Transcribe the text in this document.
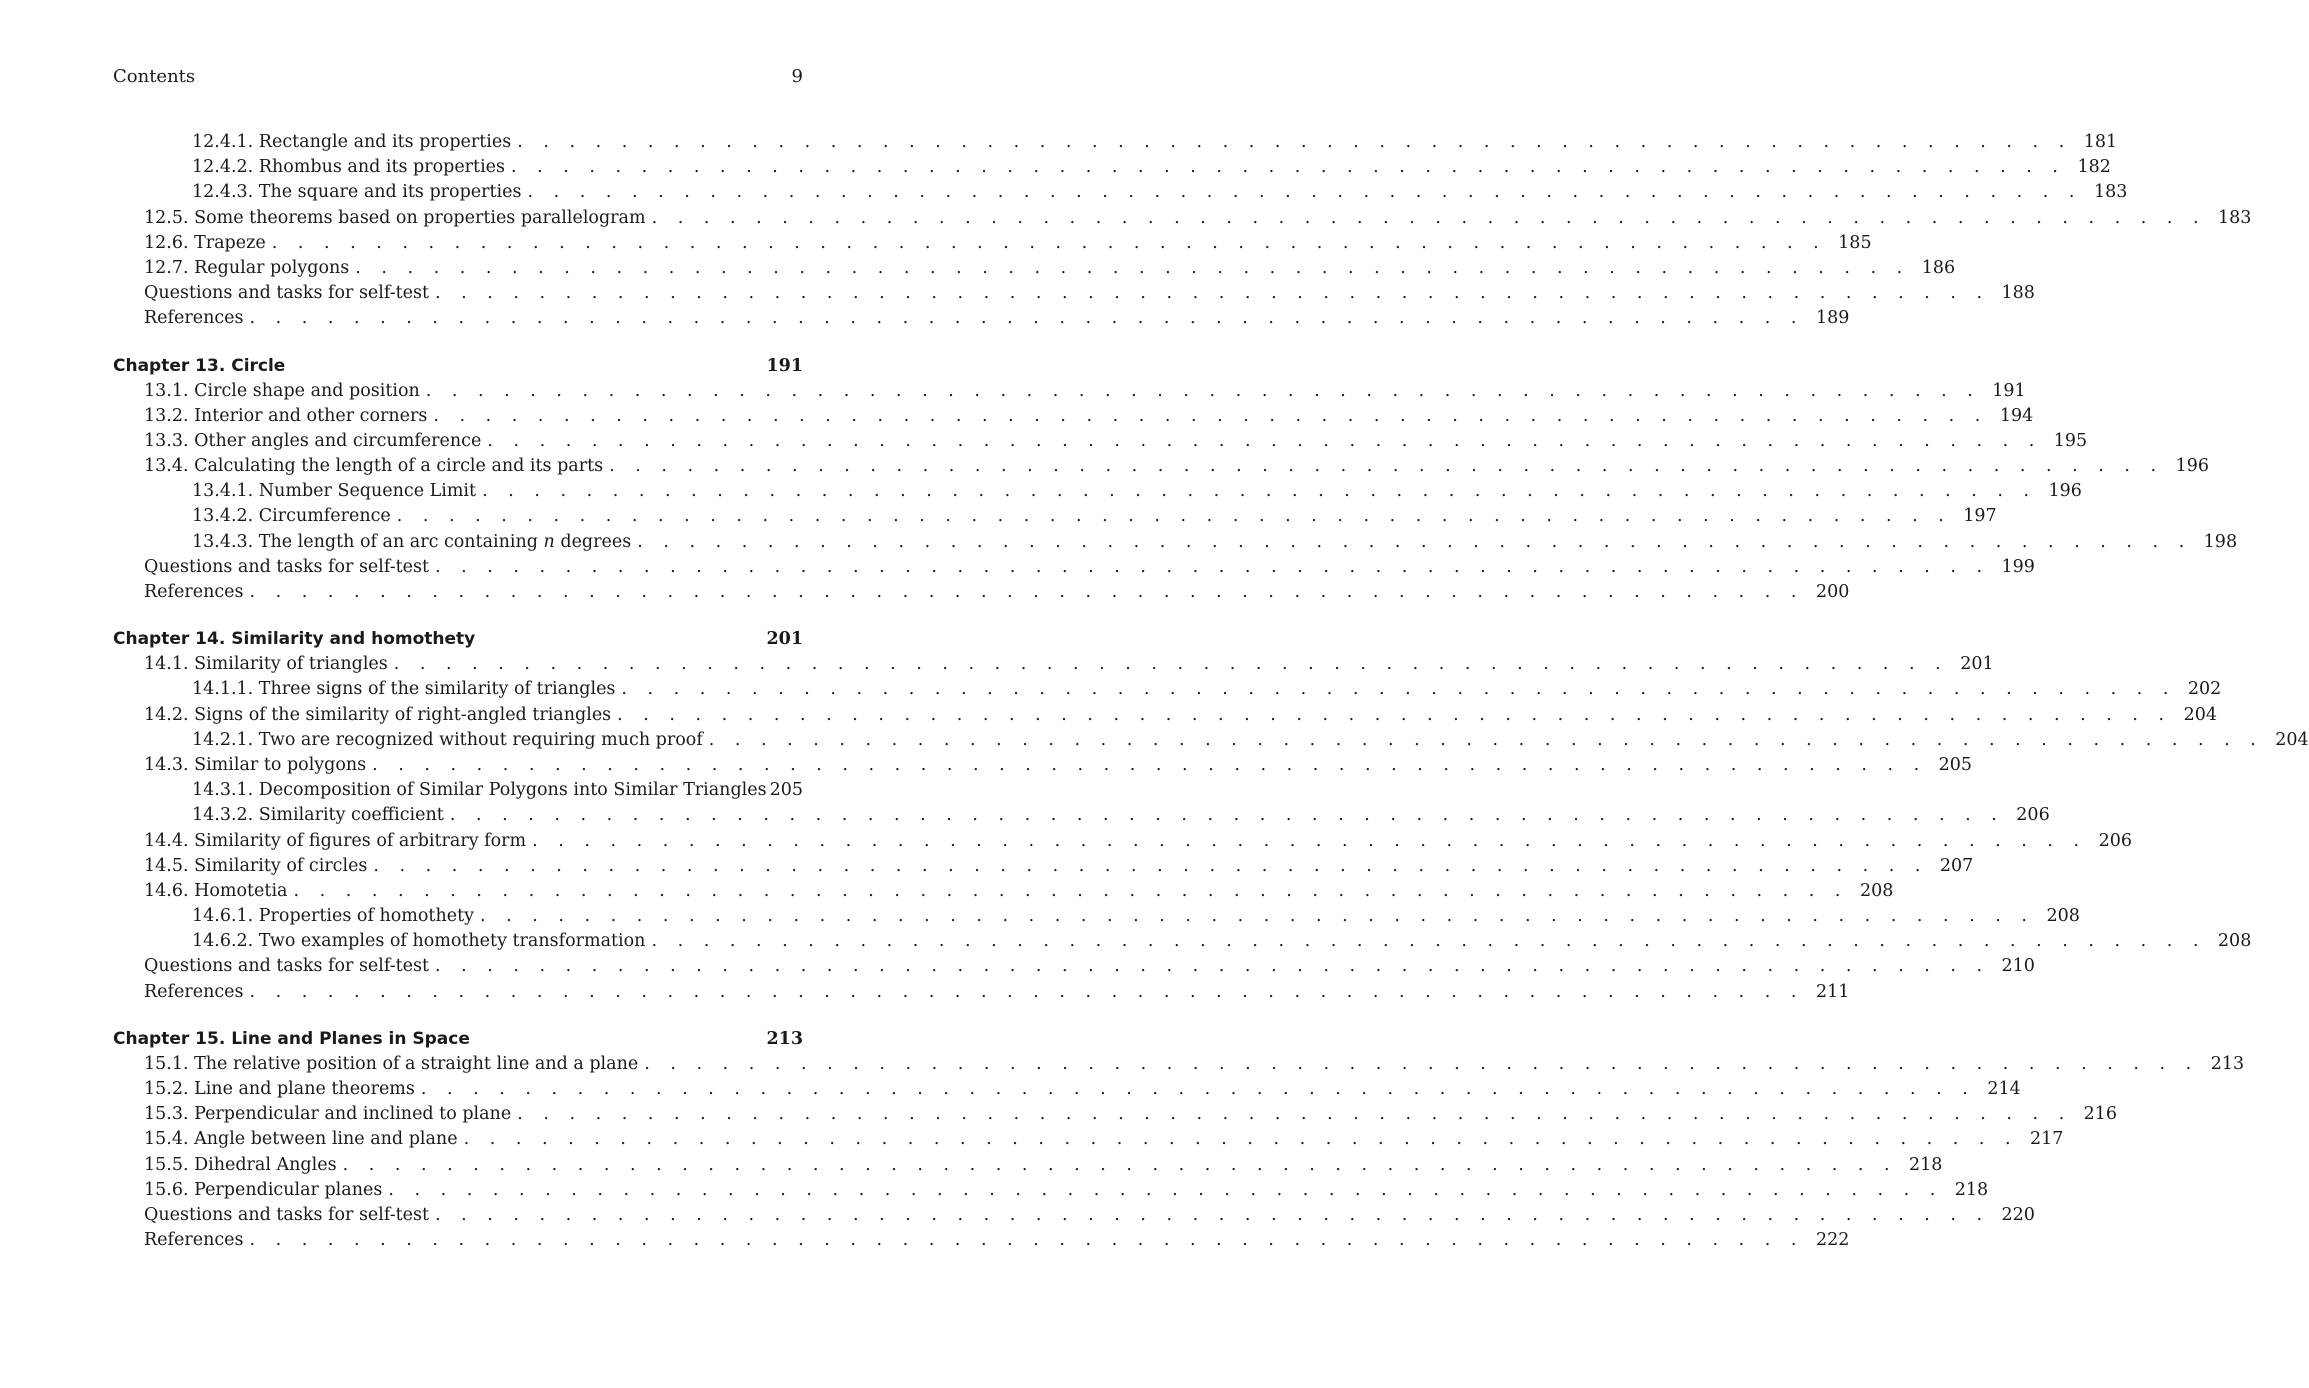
Contents	9
12.4.1. Rectangle and its properties . . . . . . . . . . . . . . . . . . . . . . . . . . . . . . . . . . . . . . . . . . . . . . . . . . . . . . . . . . . . 181
12.4.2. Rhombus and its properties . . . . . . . . . . . . . . . . . . . . . . . . . . . . . . . . . . . . . . . . . . . . . . . . . . . . . . . . . . . . 182
12.4.3. The square and its properties . . . . . . . . . . . . . . . . . . . . . . . . . . . . . . . . . . . . . . . . . . . . . . . . . . . . . . . . . . . . 183
12.5. Some theorems based on properties parallelogram . . . . . . . . . . . . . . . . . . . . . . . . . . . . . . . . . . . . . . . . . . . . . . . . . . . . . . . . . . . . 183
12.6. Trapeze . . . . . . . . . . . . . . . . . . . . . . . . . . . . . . . . . . . . . . . . . . . . . . . . . . . . . . . . . . . . 185
12.7. Regular polygons . . . . . . . . . . . . . . . . . . . . . . . . . . . . . . . . . . . . . . . . . . . . . . . . . . . . . . . . . . . . 186
Questions and tasks for self-test . . . . . . . . . . . . . . . . . . . . . . . . . . . . . . . . . . . . . . . . . . . . . . . . . . . . . . . . . . . . 188
References . . . . . . . . . . . . . . . . . . . . . . . . . . . . . . . . . . . . . . . . . . . . . . . . . . . . . . . . . . . . 189
Chapter 13. Circle	191
13.1. Circle shape and position . . . . . . . . . . . . . . . . . . . . . . . . . . . . . . . . . . . . . . . . . . . . . . . . . . . . . . . . . . . . 191
13.2. Interior and other corners . . . . . . . . . . . . . . . . . . . . . . . . . . . . . . . . . . . . . . . . . . . . . . . . . . . . . . . . . . . . 194
13.3. Other angles and circumference . . . . . . . . . . . . . . . . . . . . . . . . . . . . . . . . . . . . . . . . . . . . . . . . . . . . . . . . . . . . 195
13.4. Calculating the length of a circle and its parts . . . . . . . . . . . . . . . . . . . . . . . . . . . . . . . . . . . . . . . . . . . . . . . . . . . . . . . . . . . . 196
13.4.1. Number Sequence Limit . . . . . . . . . . . . . . . . . . . . . . . . . . . . . . . . . . . . . . . . . . . . . . . . . . . . . . . . . . . . 196
13.4.2. Circumference . . . . . . . . . . . . . . . . . . . . . . . . . . . . . . . . . . . . . . . . . . . . . . . . . . . . . . . . . . . . 197
13.4.3. The length of an arc containing n degrees . . . . . . . . . . . . . . . . . . . . . . . . . . . . . . . . . . . . . . . . . . . . . . . . . . . . . . . . . . . . 198
Questions and tasks for self-test . . . . . . . . . . . . . . . . . . . . . . . . . . . . . . . . . . . . . . . . . . . . . . . . . . . . . . . . . . . . 199
References . . . . . . . . . . . . . . . . . . . . . . . . . . . . . . . . . . . . . . . . . . . . . . . . . . . . . . . . . . . . 200
Chapter 14. Similarity and homothety	201
14.1. Similarity of triangles . . . . . . . . . . . . . . . . . . . . . . . . . . . . . . . . . . . . . . . . . . . . . . . . . . . . . . . . . . . . 201
14.1.1. Three signs of the similarity of triangles . . . . . . . . . . . . . . . . . . . . . . . . . . . . . . . . . . . . . . . . . . . . . . . . . . . . . . . . . . . . 202
14.2. Signs of the similarity of right-angled triangles . . . . . . . . . . . . . . . . . . . . . . . . . . . . . . . . . . . . . . . . . . . . . . . . . . . . . . . . . . . . 204
14.2.1. Two are recognized without requiring much proof . . . . . . . . . . . . . . . . . . . . . . . . . . . . . . . . . . . . . . . . . . . . . . . . . . . . . . . . . . . . 204
14.3. Similar to polygons . . . . . . . . . . . . . . . . . . . . . . . . . . . . . . . . . . . . . . . . . . . . . . . . . . . . . . . . . . . . 205
14.3.1. Decomposition of Similar Polygons into Similar Triangles 205
14.3.2. Similarity coefficient . . . . . . . . . . . . . . . . . . . . . . . . . . . . . . . . . . . . . . . . . . . . . . . . . . . . . . . . . . . . 206
14.4. Similarity of figures of arbitrary form . . . . . . . . . . . . . . . . . . . . . . . . . . . . . . . . . . . . . . . . . . . . . . . . . . . . . . . . . . . . 206
14.5. Similarity of circles . . . . . . . . . . . . . . . . . . . . . . . . . . . . . . . . . . . . . . . . . . . . . . . . . . . . . . . . . . . . 207
14.6. Homotetia . . . . . . . . . . . . . . . . . . . . . . . . . . . . . . . . . . . . . . . . . . . . . . . . . . . . . . . . . . . . 208
14.6.1. Properties of homothety . . . . . . . . . . . . . . . . . . . . . . . . . . . . . . . . . . . . . . . . . . . . . . . . . . . . . . . . . . . . 208
14.6.2. Two examples of homothety transformation . . . . . . . . . . . . . . . . . . . . . . . . . . . . . . . . . . . . . . . . . . . . . . . . . . . . . . . . . . . . 208
Questions and tasks for self-test . . . . . . . . . . . . . . . . . . . . . . . . . . . . . . . . . . . . . . . . . . . . . . . . . . . . . . . . . . . . 210
References . . . . . . . . . . . . . . . . . . . . . . . . . . . . . . . . . . . . . . . . . . . . . . . . . . . . . . . . . . . . 211
Chapter 15. Line and Planes in Space	213
15.1. The relative position of a straight line and a plane . . . . . . . . . . . . . . . . . . . . . . . . . . . . . . . . . . . . . . . . . . . . . . . . . . . . . . . . . . . . 213
15.2. Line and plane theorems . . . . . . . . . . . . . . . . . . . . . . . . . . . . . . . . . . . . . . . . . . . . . . . . . . . . . . . . . . . . 214
15.3. Perpendicular and inclined to plane . . . . . . . . . . . . . . . . . . . . . . . . . . . . . . . . . . . . . . . . . . . . . . . . . . . . . . . . . . . . 216
15.4. Angle between line and plane . . . . . . . . . . . . . . . . . . . . . . . . . . . . . . . . . . . . . . . . . . . . . . . . . . . . . . . . . . . . 217
15.5. Dihedral Angles . . . . . . . . . . . . . . . . . . . . . . . . . . . . . . . . . . . . . . . . . . . . . . . . . . . . . . . . . . . . 218
15.6. Perpendicular planes . . . . . . . . . . . . . . . . . . . . . . . . . . . . . . . . . . . . . . . . . . . . . . . . . . . . . . . . . . . . 218
Questions and tasks for self-test . . . . . . . . . . . . . . . . . . . . . . . . . . . . . . . . . . . . . . . . . . . . . . . . . . . . . . . . . . . . 220
References . . . . . . . . . . . . . . . . . . . . . . . . . . . . . . . . . . . . . . . . . . . . . . . . . . . . . . . . . . . . 222
